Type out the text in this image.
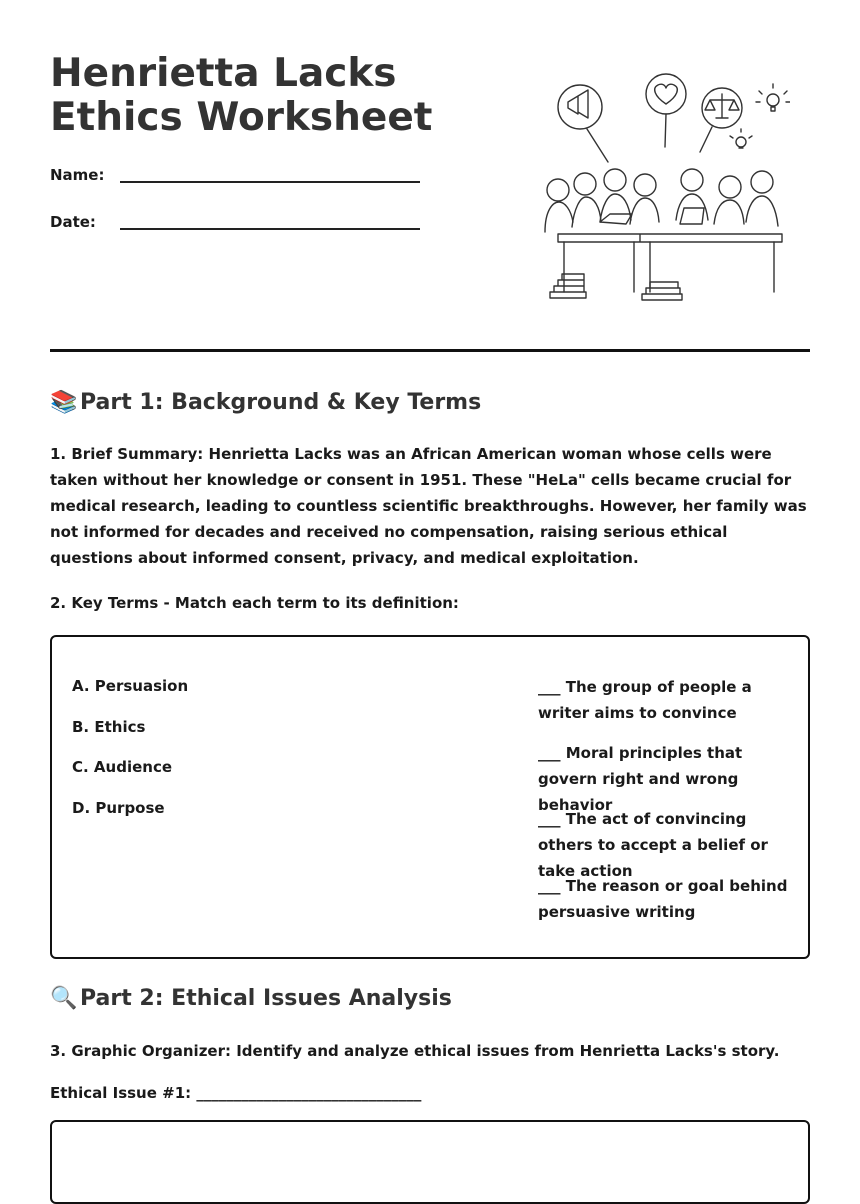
Henrietta Lacks Ethics Worksheet
Name:
Date:
📚 Part 1: Background & Key Terms

1. Brief Summary: Henrietta Lacks was an African American woman whose cells were taken without her knowledge or consent in 1951. These "HeLa" cells became crucial for medical research, leading to countless scientific breakthroughs. However, her family was not informed for decades and received no compensation, raising serious ethical questions about informed consent, privacy, and medical exploitation.

2. Key Terms - Match each term to its definition:

A. Persuasion
B. Ethics
C. Audience
D. Purpose
___ The group of people a writer aims to convince
___ Moral principles that govern right and wrong behavior
___ The act of convincing others to accept a belief or take action
___ The reason or goal behind persuasive writing
🔍 Part 2: Ethical Issues Analysis

3. Graphic Organizer: Identify and analyze ethical issues from Henrietta Lacks's story.

Ethical Issue #1: ______________________________
